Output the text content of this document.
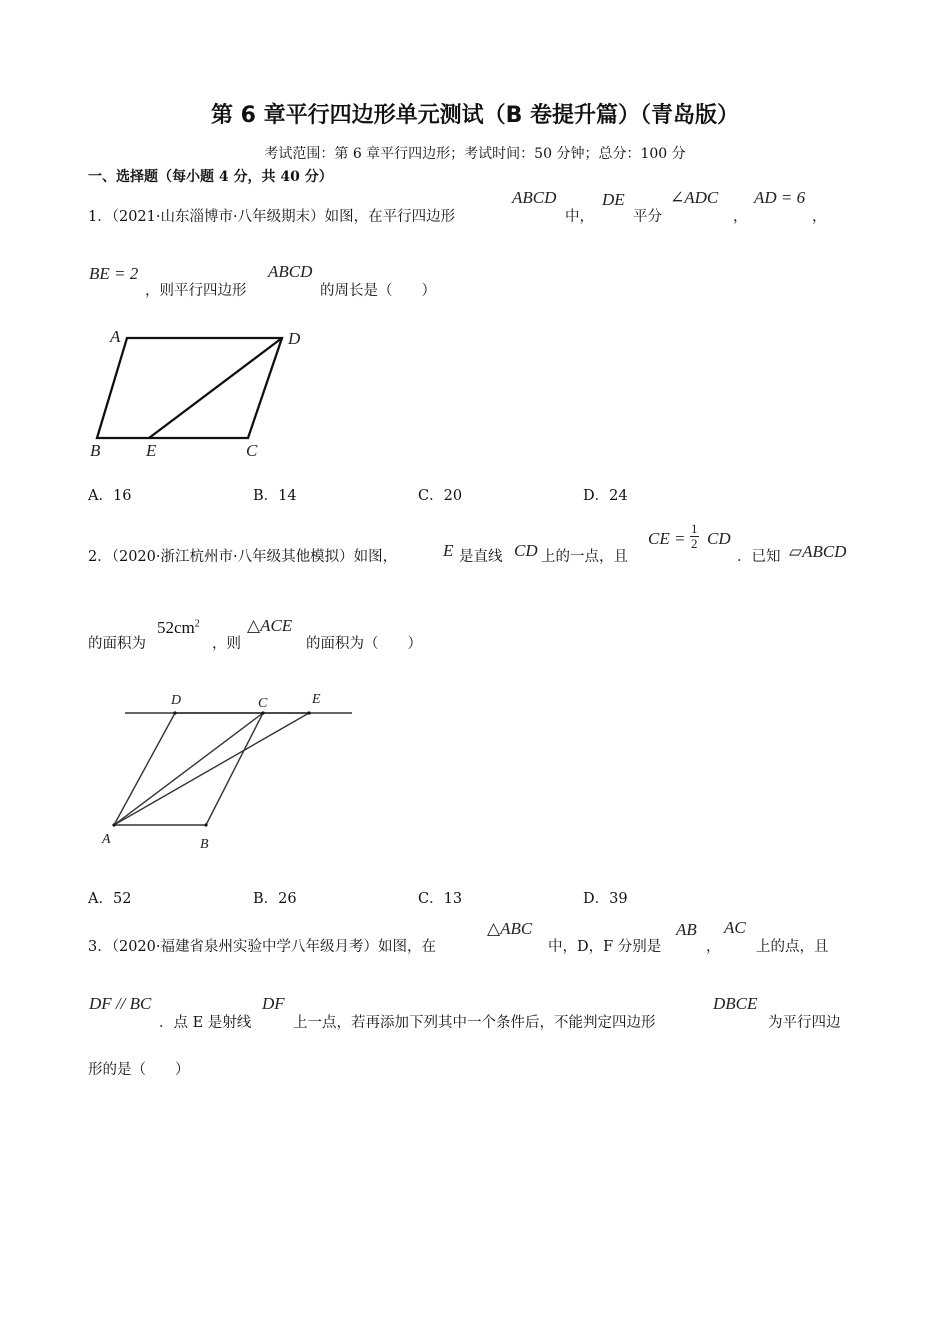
第 6 章平行四边形单元测试（B 卷提升篇）（青岛版）
考试范围：第 6 章平行四边形；考试时间：50 分钟；总分：100 分
一、选择题（每小题 4 分，共 40 分）
1．（2021·山东淄博市·八年级期末）如图，在平行四边形
ABCD
中，
DE
平分
∠ADC
，
AD = 6
，
BE = 2
，则平行四边形
ABCD
的周长是（　　）
A	D
B	E	C
A．16	B．14	C．20	D．24
2．（2020·浙江杭州市·八年级其他模拟）如图，	E 是直线 CD 上的一点，且
CE = $\frac{1}{2}$ CD
．已知 ▱ABCD
的面积为
$52cm^2$
，则
△ACE
的面积为（　　）
D	C	E
A	B
A．52	B．26	C．13	D．39
3．（2020·福建省泉州实验中学八年级月考）如图，在
△ABC
中，D，F 分别是
AB
，
AC
上的点，且
DF // BC
．点 E 是射线
DF
上一点，若再添加下列其中一个条件后，不能判定四边形
DBCE
为平行四边
形的是（　　）
